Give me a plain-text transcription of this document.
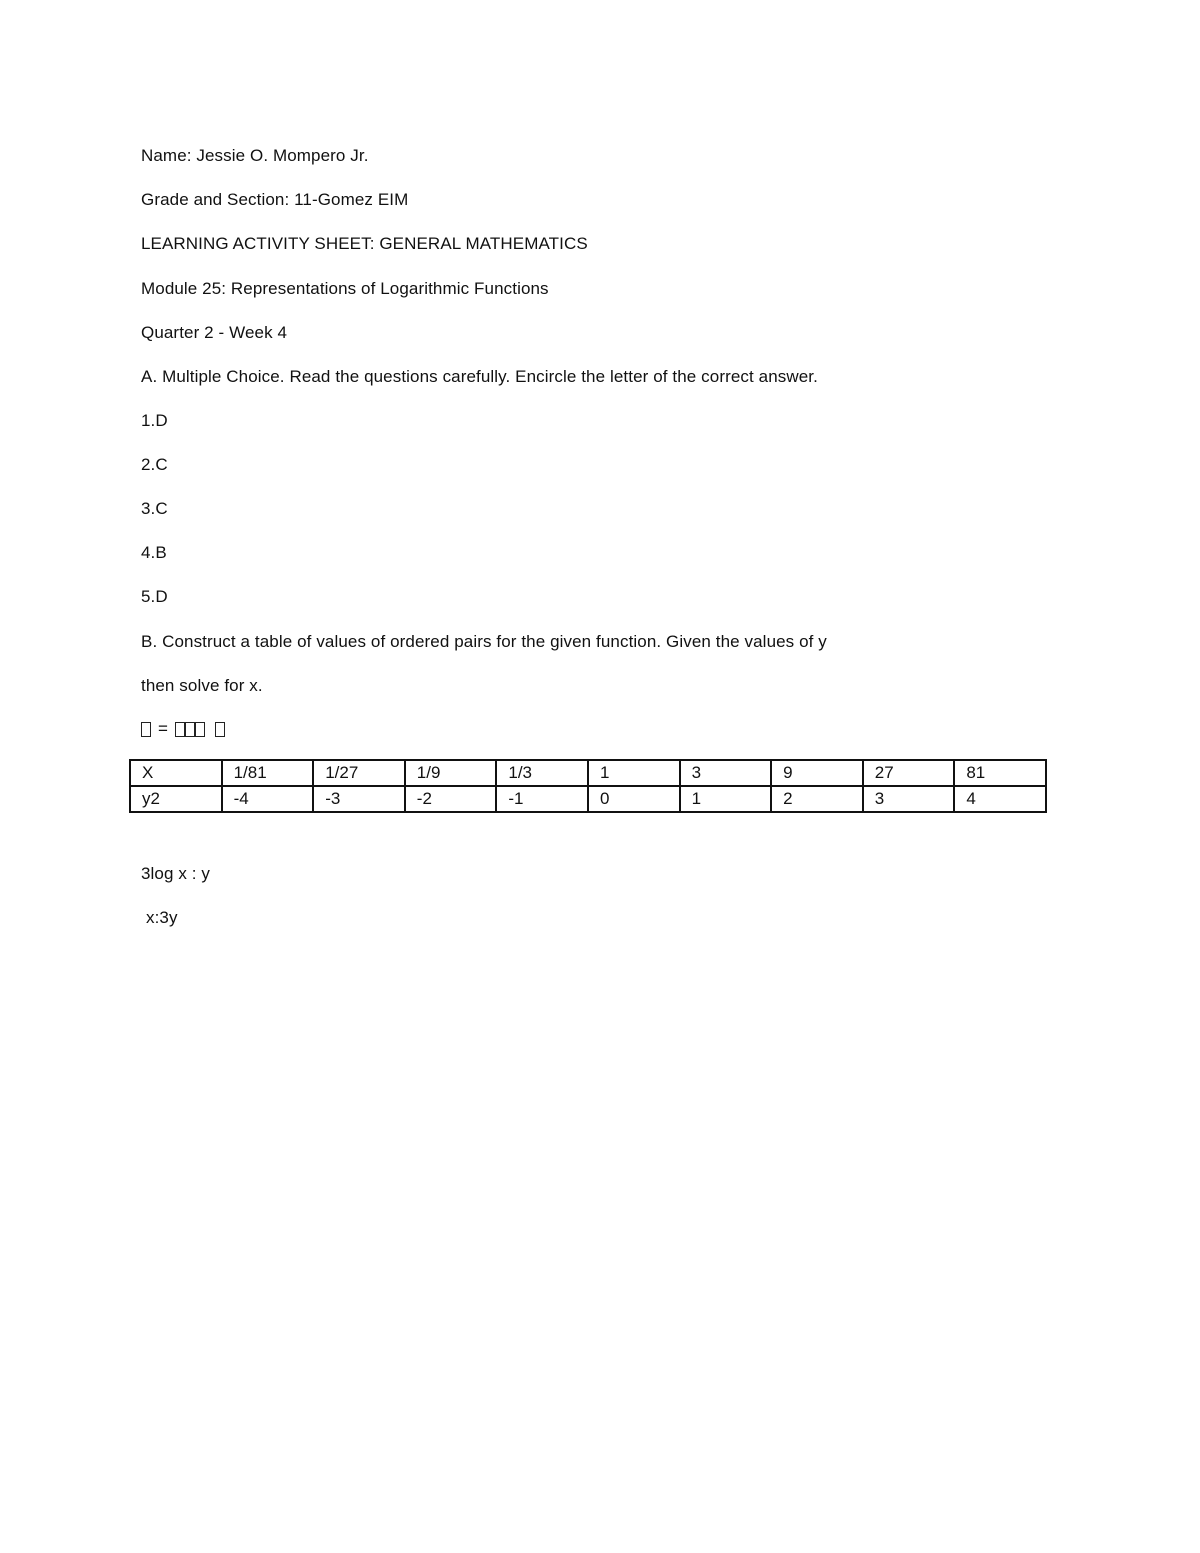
Name: Jessie O. Mompero Jr.
Grade and Section: 11-Gomez EIM
LEARNING ACTIVITY SHEET: GENERAL MATHEMATICS
Module 25: Representations of Logarithmic Functions
Quarter 2 - Week 4
A. Multiple Choice. Read the questions carefully. Encircle the letter of the correct answer.
1.D
2.C
3.C
4.B
5.D
B. Construct a table of values of ordered pairs for the given function. Given the values of y
then solve for x.
=
X	1/81	1/27	1/9	1/3	1	3	9	27	81
y2	-4	-3	-2	-1	0	1	2	3	4
3log x : y
x:3y
